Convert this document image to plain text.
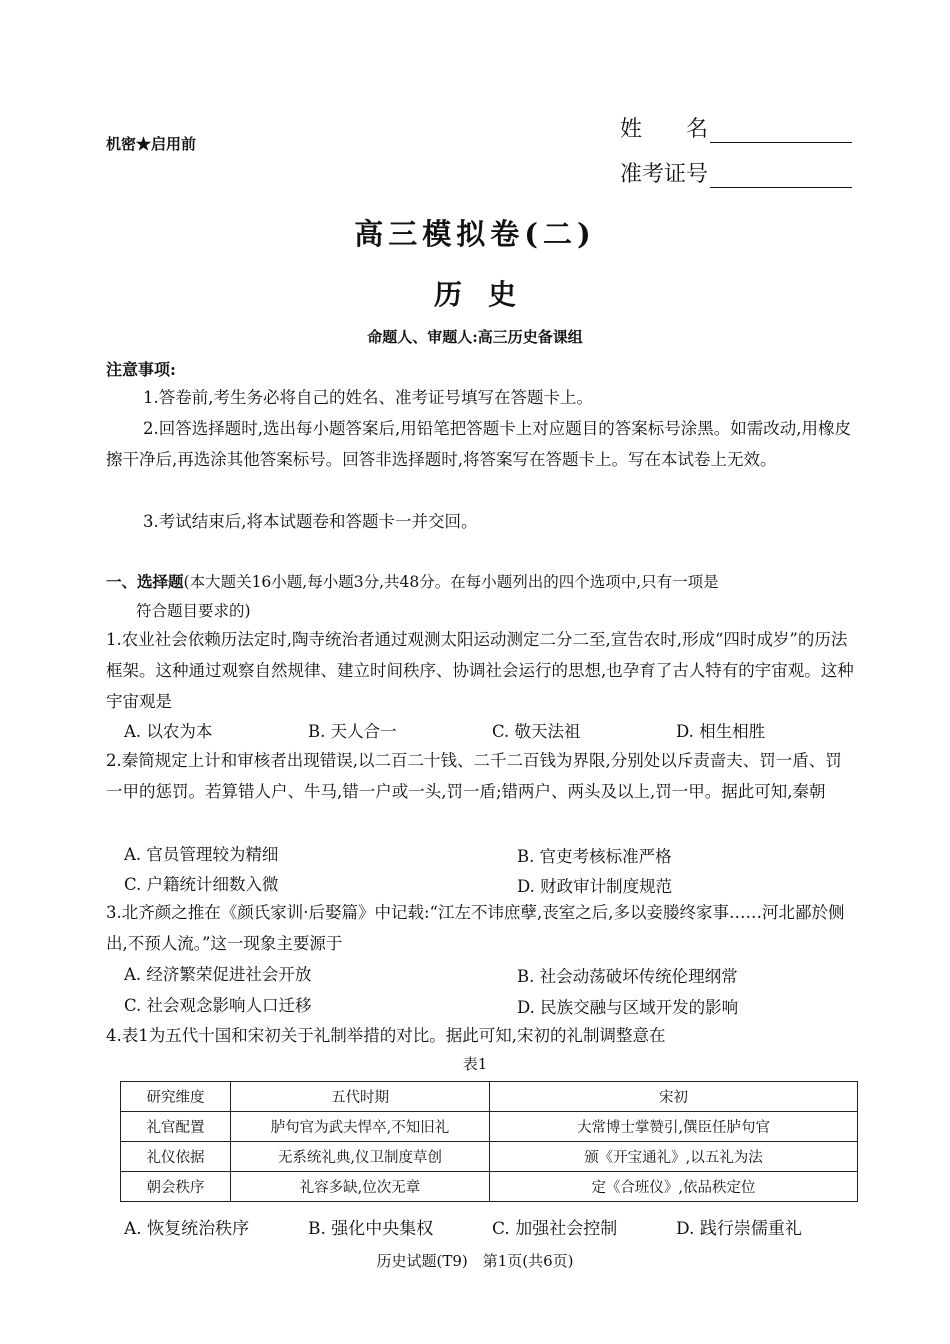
机密★启用前
姓　　名
准考证号
高三模拟卷(二)
历史
命题人、审题人:高三历史备课组
注意事项:
1.答卷前,考生务必将自己的姓名、准考证号填写在答题卡上。
2.回答选择题时,选出每小题答案后,用铅笔把答题卡上对应题目的答案标号涂黑。如需改动,用橡皮擦干净后,再选涂其他答案标号。回答非选择题时,将答案写在答题卡上。写在本试卷上无效。
3.考试结束后,将本试题卷和答题卡一并交回。
一、选择题(本大题关16小题,每小题3分,共48分。在每小题列出的四个选项中,只有一项是
符合题目要求的)
1.农业社会依赖历法定时,陶寺统治者通过观测太阳运动测定二分二至,宣告农时,形成“四时成岁”的历法框架。这种通过观察自然规律、建立时间秩序、协调社会运行的思想,也孕育了古人特有的宇宙观。这种宇宙观是
A. 以农为本	B. 天人合一	C. 敬天法祖	D. 相生相胜
2.秦简规定上计和审核者出现错误,以二百二十钱、二千二百钱为界限,分别处以斥责啬夫、罚一盾、罚一甲的惩罚。若算错人户、牛马,错一户或一头,罚一盾;错两户、两头及以上,罚一甲。据此可知,秦朝
A. 官员管理较为精细	B. 官吏考核标准严格
C. 户籍统计细数入微	D. 财政审计制度规范
3.北齐颜之推在《颜氏家训·后娶篇》中记载:“江左不讳庶孽,丧室之后,多以妾媵终家事……河北鄙於侧出,不预人流。”这一现象主要源于
A. 经济繁荣促进社会开放	B. 社会动荡破坏传统伦理纲常
C. 社会观念影响人口迁移	D. 民族交融与区域开发的影响
4.表1为五代十国和宋初关于礼制举措的对比。据此可知,宋初的礼制调整意在
表1
研究维度	五代时期	宋初
礼官配置	胪句官为武夫悍卒,不知旧礼	大常博士掌赞引,僎臣任胪句官
礼仪依据	无系统礼典,仪卫制度草创	颁《开宝通礼》,以五礼为法
朝会秩序	礼容多缺,位次无章	定《合班仪》,依品秩定位
A. 恢复统治秩序	B. 强化中央集权	C. 加强社会控制	D. 践行崇儒重礼
历史试题(T9)　第1页(共6页)
